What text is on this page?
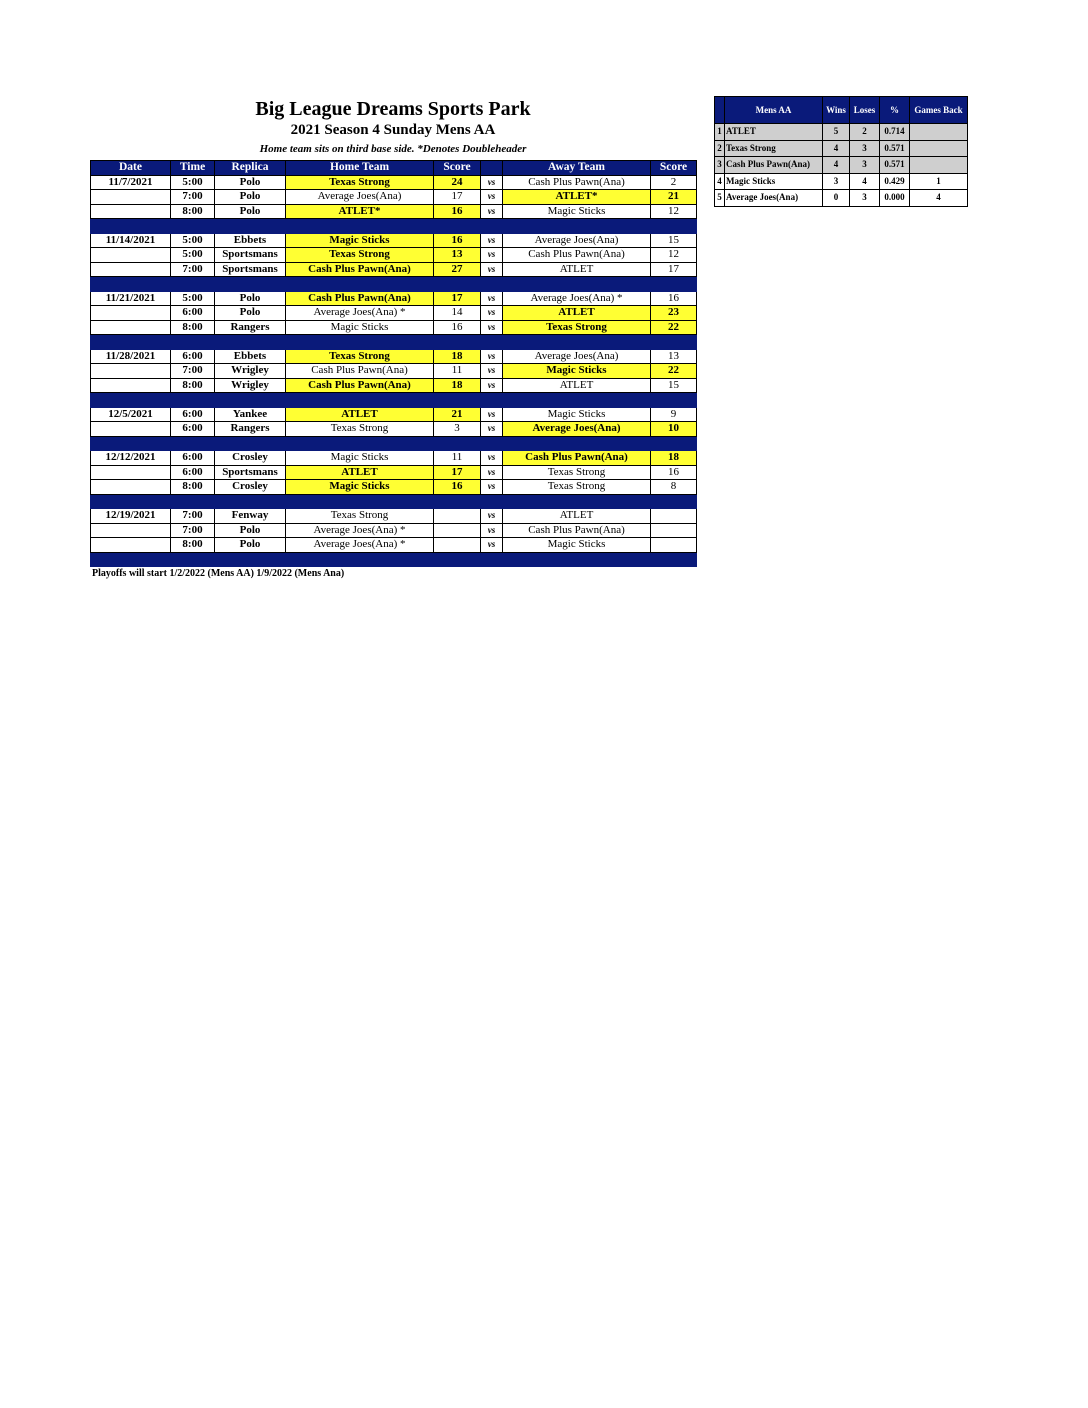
Big League Dreams Sports Park
2021 Season 4 Sunday Mens AA

Home team sits on third base side. *Denotes Doubleheader

Date	Time	Replica	Home Team	Score		Away Team	Score
11/7/2021	5:00	Polo	Texas Strong	24	vs	Cash Plus Pawn(Ana)	2
	7:00	Polo	Average Joes(Ana)	17	vs	ATLET*	21
	8:00	Polo	ATLET*	16	vs	Magic Sticks	12

11/14/2021	5:00	Ebbets	Magic Sticks	16	vs	Average Joes(Ana)	15
	5:00	Sportsmans	Texas Strong	13	vs	Cash Plus Pawn(Ana)	12
	7:00	Sportsmans	Cash Plus Pawn(Ana)	27	vs	ATLET	17

11/21/2021	5:00	Polo	Cash Plus Pawn(Ana)	17	vs	Average Joes(Ana) *	16
	6:00	Polo	Average Joes(Ana) *	14	vs	ATLET	23
	8:00	Rangers	Magic Sticks	16	vs	Texas Strong	22

11/28/2021	6:00	Ebbets	Texas Strong	18	vs	Average Joes(Ana)	13
	7:00	Wrigley	Cash Plus Pawn(Ana)	11	vs	Magic Sticks	22
	8:00	Wrigley	Cash Plus Pawn(Ana)	18	vs	ATLET	15

12/5/2021	6:00	Yankee	ATLET	21	vs	Magic Sticks	9
	6:00	Rangers	Texas Strong	3	vs	Average Joes(Ana)	10

12/12/2021	6:00	Crosley	Magic Sticks	11	vs	Cash Plus Pawn(Ana)	18
	6:00	Sportsmans	ATLET	17	vs	Texas Strong	16
	8:00	Crosley	Magic Sticks	16	vs	Texas Strong	8

12/19/2021	7:00	Fenway	Texas Strong		vs	ATLET	
	7:00	Polo	Average Joes(Ana) *		vs	Cash Plus Pawn(Ana)	
	8:00	Polo	Average Joes(Ana) *		vs	Magic Sticks	

	Mens AA	Wins	Loses	%	Games Back
1	ATLET	5	2	0.714	
2	Texas Strong	4	3	0.571	
3	Cash Plus Pawn(Ana)	4	3	0.571	
4	Magic Sticks	3	4	0.429	1
5	Average Joes(Ana)	0	3	0.000	4

Playoffs will start 1/2/2022 (Mens AA) 1/9/2022 (Mens Ana)
